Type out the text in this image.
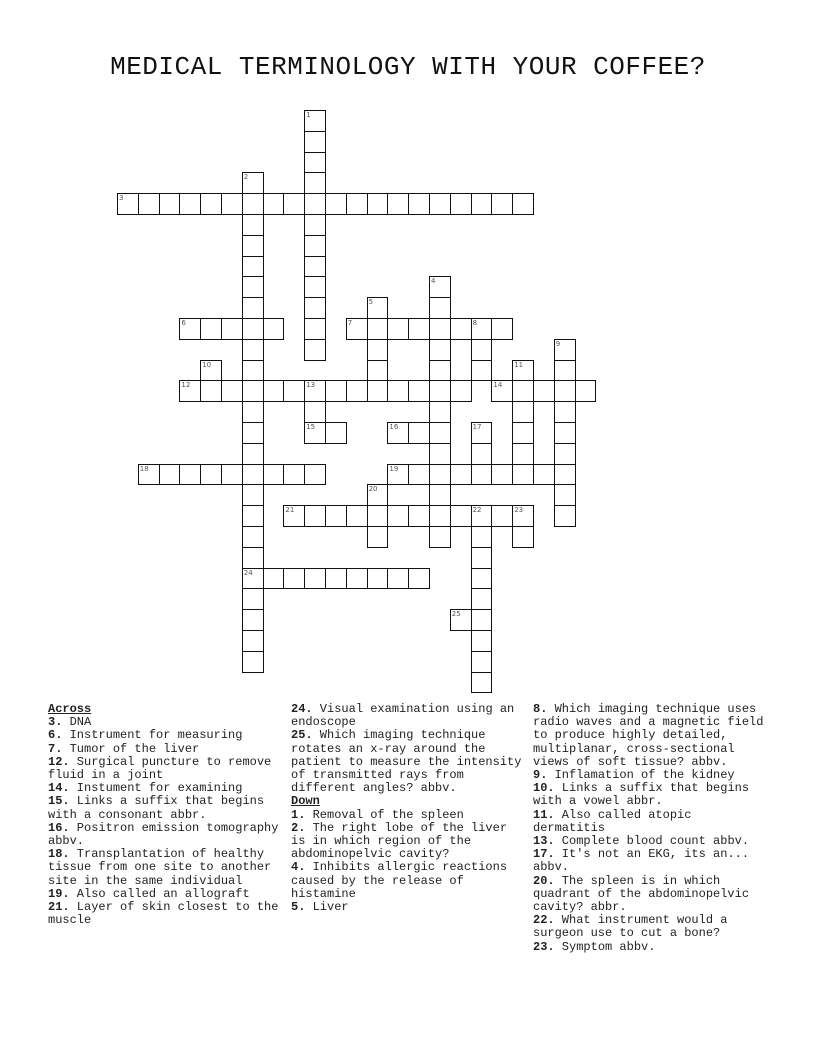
MEDICAL TERMINOLOGY WITH YOUR COFFEE?
1
2
24
3
4
5
6	7	8
9
10	11
12	13
15
14
16	17
18	19
20
21	22	23
25
Across

3. DNA

6. Instrument for measuring

7. Tumor of the liver

12. Surgical puncture to remove fluid in a joint

14. Instument for examining

15. Links a suffix that begins with a consonant abbr.

16. Positron emission tomography abbv.

18. Transplantation of healthy tissue from one site to another site in the same individual

19. Also called an allograft

21. Layer of skin closest to the muscle

24. Visual examination using an endoscope

25. Which imaging technique rotates an x-ray around the patient to measure the intensity of transmitted rays from different angles? abbv.

Down

1. Removal of the spleen

2. The right lobe of the liver is in which region of the abdominopelvic cavity?

4. Inhibits allergic reactions caused by the release of histamine

5. Liver

8. Which imaging technique uses radio waves and a magnetic field to produce highly detailed, multiplanar, cross-sectional views of soft tissue? abbv.

9. Inflamation of the kidney

10. Links a suffix that begins with a vowel abbr.

11. Also called atopic dermatitis

13. Complete blood count abbv.

17. It's not an EKG, its an... abbv.

20. The spleen is in which quadrant of the abdominopelvic cavity? abbr.

22. What instrument would a surgeon use to cut a bone?

23. Symptom abbv.
